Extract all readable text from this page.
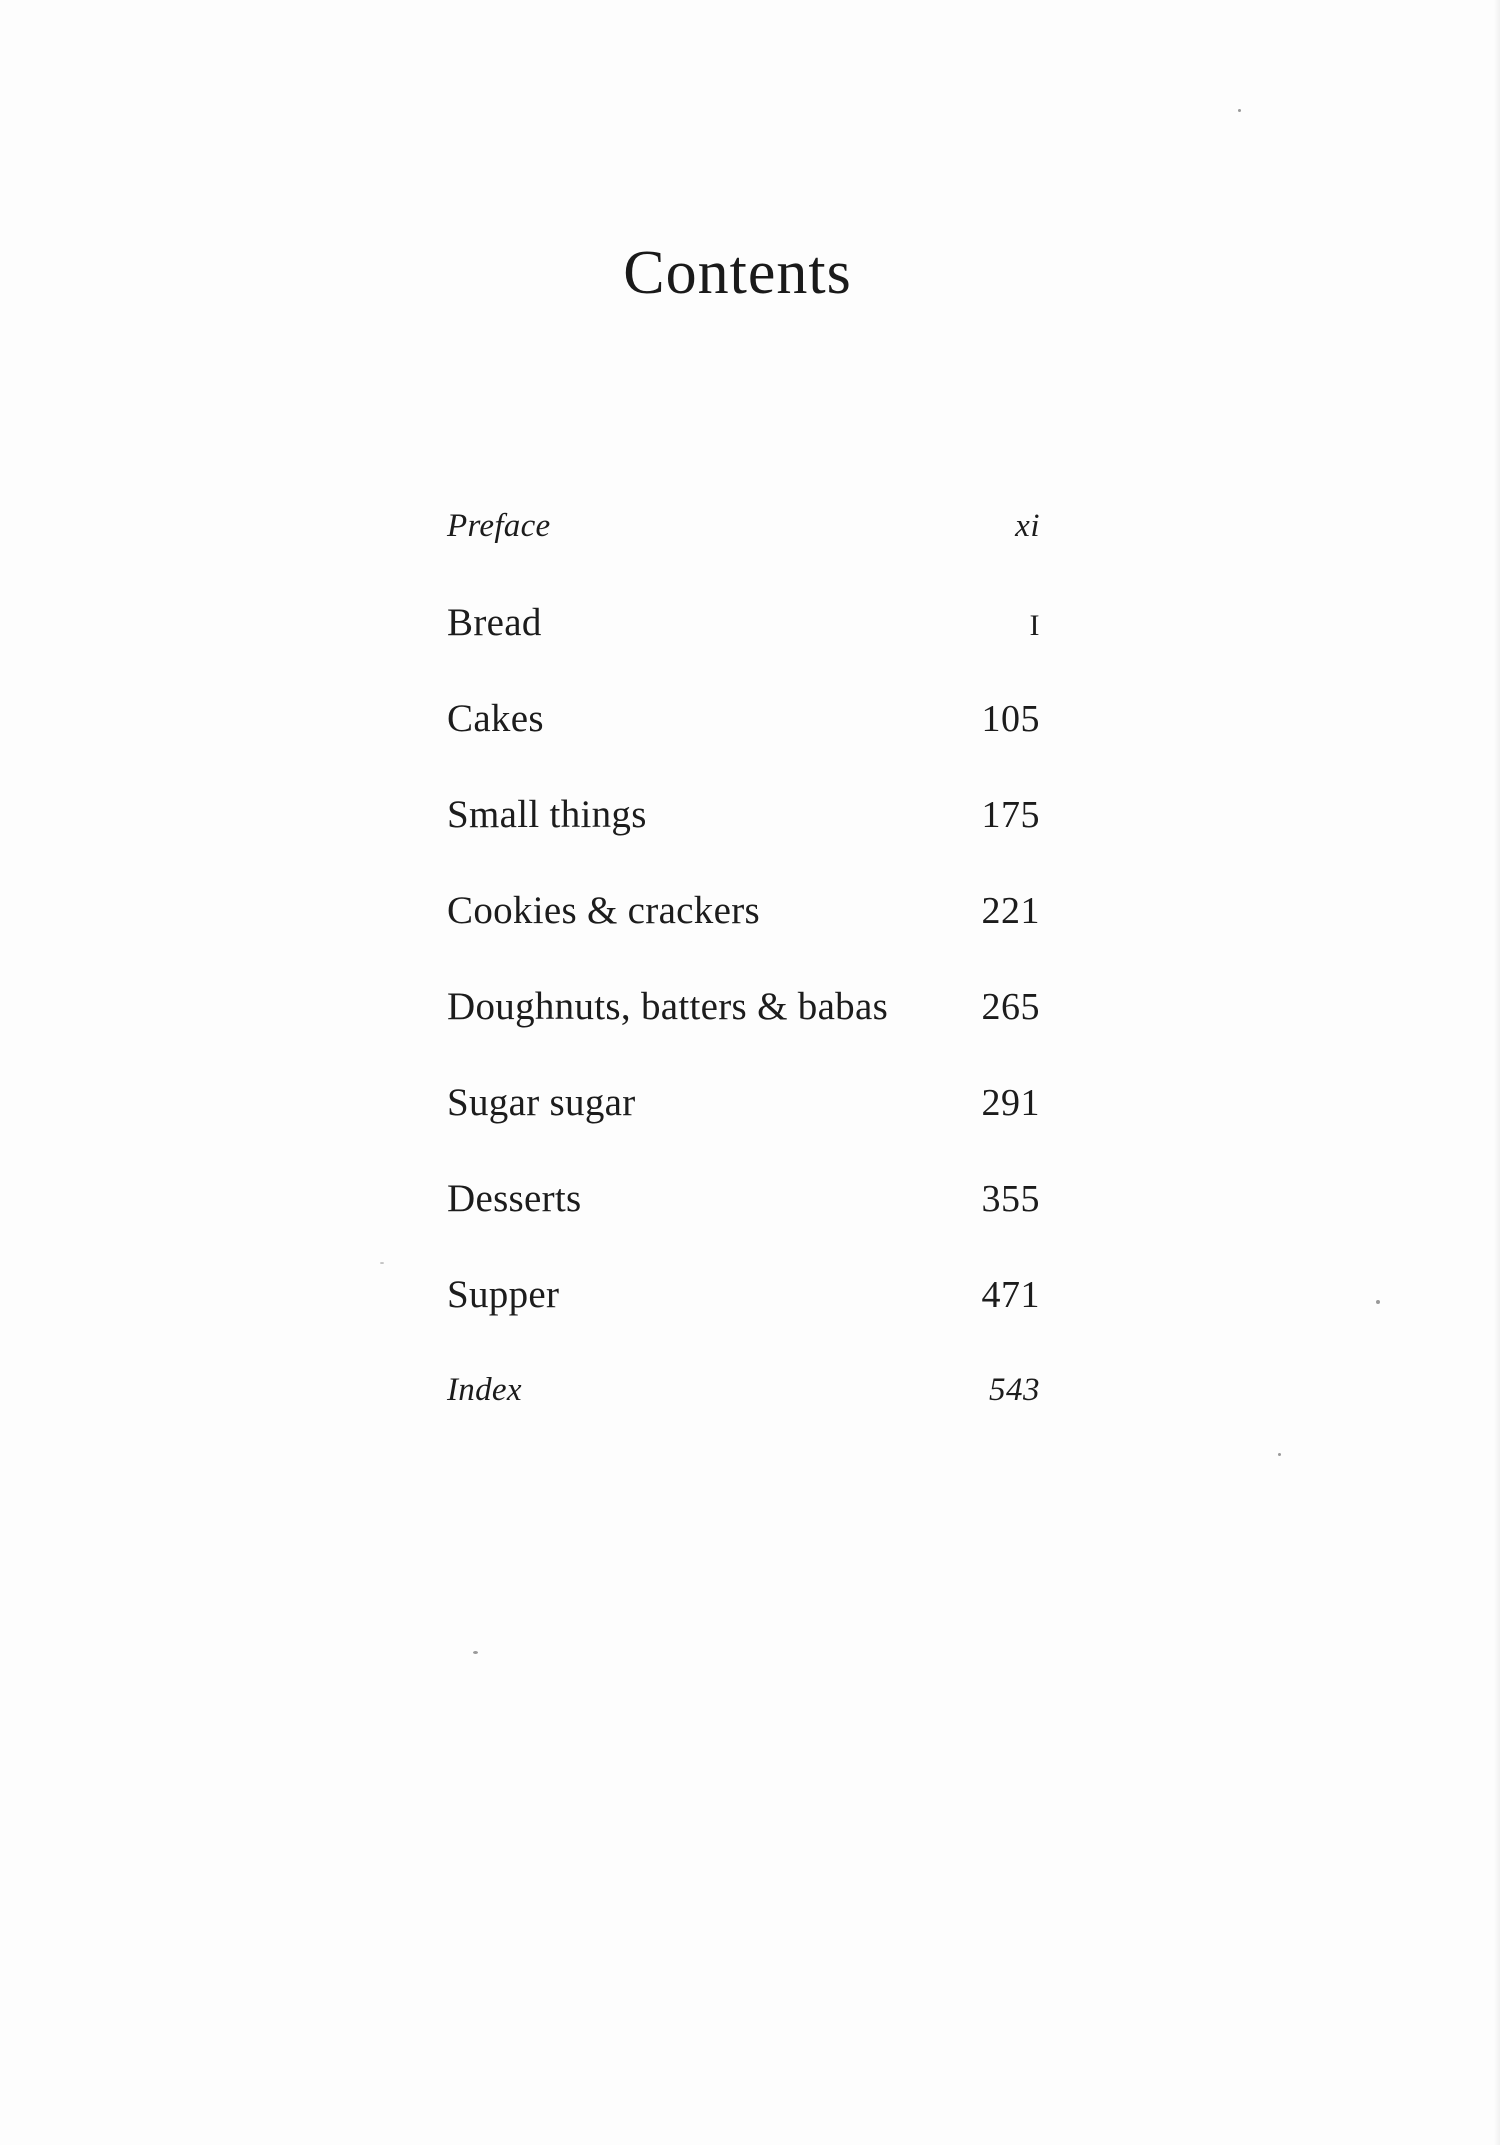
Contents
Preface	xi
Bread	I
Cakes	105
Small things	175
Cookies & crackers	221
Doughnuts, batters & babas 265
Sugar sugar	291
Desserts	355
Supper	471
Index	543
